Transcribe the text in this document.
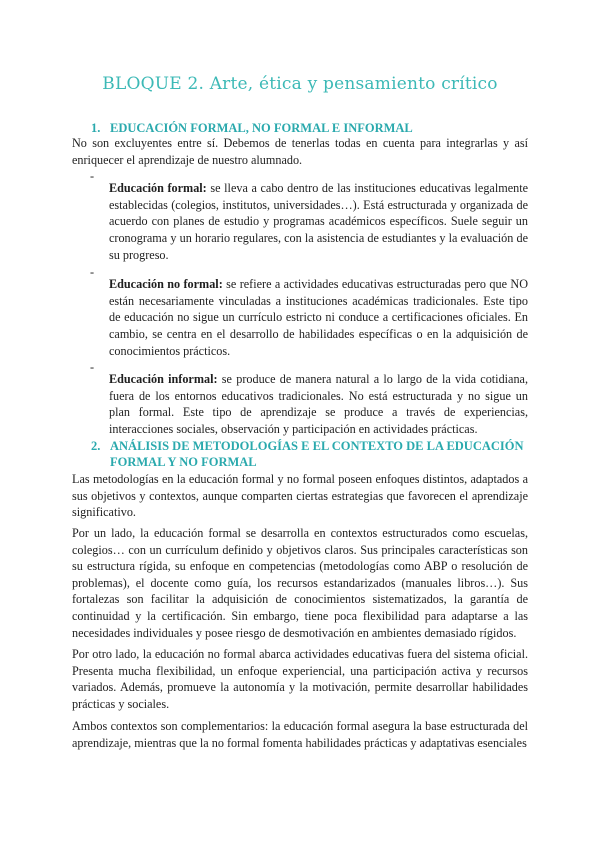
BLOQUE 2. Arte, ética y pensamiento crítico
1. EDUCACIÓN FORMAL, NO FORMAL E INFORMAL

No son excluyentes entre sí. Debemos de tenerlas todas en cuenta para integrarlas y así enriquecer el aprendizaje de nuestro alumnado.

-

Educación formal: se lleva a cabo dentro de las instituciones educativas legalmente establecidas (colegios, institutos, universidades…). Está estructurada y organizada de acuerdo con planes de estudio y programas académicos específicos. Suele seguir un cronograma y un horario regulares, con la asistencia de estudiantes y la evaluación de su progreso.

-

Educación no formal: se refiere a actividades educativas estructuradas pero que NO están necesariamente vinculadas a instituciones académicas tradicionales. Este tipo de educación no sigue un currículo estricto ni conduce a certificaciones oficiales. En cambio, se centra en el desarrollo de habilidades específicas o en la adquisición de conocimientos prácticos.

-

Educación informal: se produce de manera natural a lo largo de la vida cotidiana, fuera de los entornos educativos tradicionales. No está estructurada y no sigue un plan formal. Este tipo de aprendizaje se produce a través de experiencias, interacciones sociales, observación y participación en actividades prácticas.

2. ANÁLISIS DE METODOLOGÍAS E EL CONTEXTO DE LA EDUCACIÓN
FORMAL Y NO FORMAL

Las metodologías en la educación formal y no formal poseen enfoques distintos, adaptados a sus objetivos y contextos, aunque comparten ciertas estrategias que favorecen el aprendizaje significativo.

Por un lado, la educación formal se desarrolla en contextos estructurados como escuelas, colegios… con un currículum definido y objetivos claros. Sus principales características son su estructura rígida, su enfoque en competencias (metodologías como ABP o resolución de problemas), el docente como guía, los recursos estandarizados (manuales libros…). Sus fortalezas son facilitar la adquisición de conocimientos sistematizados, la garantía de continuidad y la certificación. Sin embargo, tiene poca flexibilidad para adaptarse a las necesidades individuales y posee riesgo de desmotivación en ambientes demasiado rígidos.

Por otro lado, la educación no formal abarca actividades educativas fuera del sistema oficial. Presenta mucha flexibilidad, un enfoque experiencial, una participación activa y recursos variados. Además, promueve la autonomía y la motivación, permite desarrollar habilidades prácticas y sociales.

Ambos contextos son complementarios: la educación formal asegura la base estructurada del aprendizaje, mientras que la no formal fomenta habilidades prácticas y adaptativas esenciales
